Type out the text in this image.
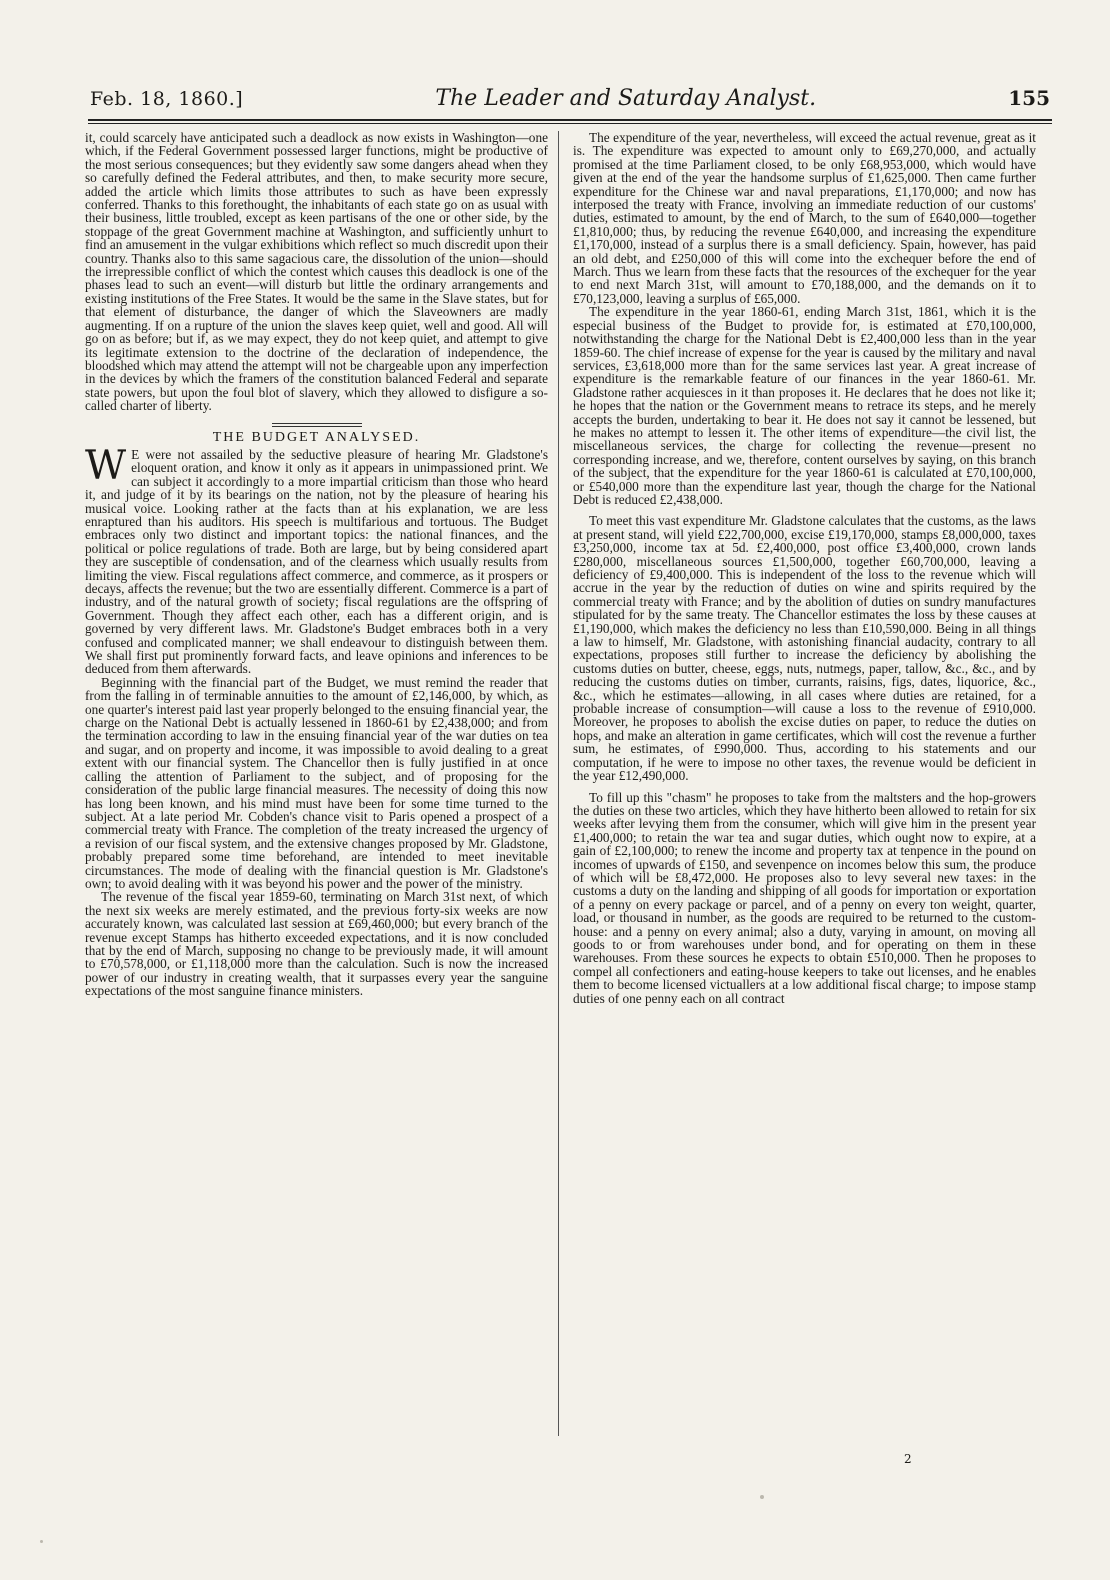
Feb. 18, 1860.]	The Leader and Saturday Analyst.	155

it, could scarcely have anticipated such a deadlock as now exists in Washington—one which, if the Federal Government possessed larger functions, might be productive of the most serious consequences; but they evidently saw some dangers ahead when they so carefully defined the Federal attributes, and then, to make security more secure, added the article which limits those attributes to such as have been expressly conferred. Thanks to this forethought, the inhabitants of each state go on as usual with their business, little troubled, except as keen partisans of the one or other side, by the stoppage of the great Government machine at Washington, and sufficiently unhurt to find an amusement in the vulgar exhibitions which reflect so much discredit upon their country. Thanks also to this same sagacious care, the dissolution of the union—should the irrepressible conflict of which the contest which causes this deadlock is one of the phases lead to such an event—will disturb but little the ordinary arrangements and existing institutions of the Free States. It would be the same in the Slave states, but for that element of disturbance, the danger of which the Slaveowners are madly augmenting. If on a rupture of the union the slaves keep quiet, well and good. All will go on as before; but if, as we may expect, they do not keep quiet, and attempt to give its legitimate extension to the doctrine of the declaration of independence, the bloodshed which may attend the attempt will not be chargeable upon any imperfection in the devices by which the framers of the constitution balanced Federal and separate state powers, but upon the foul blot of slavery, which they allowed to disfigure a so-called charter of liberty.

THE BUDGET ANALYSED.

W E were not assailed by the seductive pleasure of hearing Mr. Gladstone's eloquent oration, and know it only as it appears in unimpassioned print. We can subject it accordingly to a more impartial criticism than those who heard it, and judge of it by its bearings on the nation, not by the pleasure of hearing his musical voice. Looking rather at the facts than at his explanation, we are less enraptured than his auditors. His speech is multifarious and tortuous. The Budget embraces only two distinct and important topics: the national finances, and the political or police regulations of trade. Both are large, but by being considered apart they are susceptible of condensation, and of the clearness which usually results from limiting the view. Fiscal regulations affect commerce, and commerce, as it prospers or decays, affects the revenue; but the two are essentially different. Commerce is a part of industry, and of the natural growth of society; fiscal regulations are the offspring of Government. Though they affect each other, each has a different origin, and is governed by very different laws. Mr. Gladstone's Budget embraces both in a very confused and complicated manner; we shall endeavour to distinguish between them. We shall first put prominently forward facts, and leave opinions and inferences to be deduced from them afterwards.

Beginning with the financial part of the Budget, we must remind the reader that from the falling in of terminable annuities to the amount of £2,146,000, by which, as one quarter's interest paid last year properly belonged to the ensuing financial year, the charge on the National Debt is actually lessened in 1860-61 by £2,438,000; and from the termination according to law in the ensuing financial year of the war duties on tea and sugar, and on property and income, it was impossible to avoid dealing to a great extent with our financial system. The Chancellor then is fully justified in at once calling the attention of Parliament to the subject, and of proposing for the consideration of the public large financial measures. The necessity of doing this now has long been known, and his mind must have been for some time turned to the subject. At a late period Mr. Cobden's chance visit to Paris opened a prospect of a commercial treaty with France. The completion of the treaty increased the urgency of a revision of our fiscal system, and the extensive changes proposed by Mr. Gladstone, probably prepared some time beforehand, are intended to meet inevitable circumstances. The mode of dealing with the financial question is Mr. Gladstone's own; to avoid dealing with it was beyond his power and the power of the ministry.

The revenue of the fiscal year 1859-60, terminating on March 31st next, of which the next six weeks are merely estimated, and the previous forty-six weeks are now accurately known, was calculated last session at £69,460,000; but every branch of the revenue except Stamps has hitherto exceeded expectations, and it is now concluded that by the end of March, supposing no change to be previously made, it will amount to £70,578,000, or £1,118,000 more than the calculation. Such is now the increased power of our industry in creating wealth, that it surpasses every year the sanguine expectations of the most sanguine finance ministers.

The expenditure of the year, nevertheless, will exceed the actual revenue, great as it is. The expenditure was expected to amount only to £69,270,000, and actually promised at the time Parliament closed, to be only £68,953,000, which would have given at the end of the year the handsome surplus of £1,625,000. Then came further expenditure for the Chinese war and naval preparations, £1,170,000; and now has interposed the treaty with France, involving an immediate reduction of our customs' duties, estimated to amount, by the end of March, to the sum of £640,000—together £1,810,000; thus, by reducing the revenue £640,000, and increasing the expenditure £1,170,000, instead of a surplus there is a small deficiency. Spain, however, has paid an old debt, and £250,000 of this will come into the exchequer before the end of March. Thus we learn from these facts that the resources of the exchequer for the year to end next March 31st, will amount to £70,188,000, and the demands on it to £70,123,000, leaving a surplus of £65,000.

The expenditure in the year 1860-61, ending March 31st, 1861, which it is the especial business of the Budget to provide for, is estimated at £70,100,000, notwithstanding the charge for the National Debt is £2,400,000 less than in the year 1859-60. The chief increase of expense for the year is caused by the military and naval services, £3,618,000 more than for the same services last year. A great increase of expenditure is the remarkable feature of our finances in the year 1860-61. Mr. Gladstone rather acquiesces in it than proposes it. He declares that he does not like it; he hopes that the nation or the Government means to retrace its steps, and he merely accepts the burden, undertaking to bear it. He does not say it cannot be lessened, but he makes no attempt to lessen it. The other items of expenditure—the civil list, the miscellaneous services, the charge for collecting the revenue—present no corresponding increase, and we, therefore, content ourselves by saying, on this branch of the subject, that the expenditure for the year 1860-61 is calculated at £70,100,000, or £540,000 more than the expenditure last year, though the charge for the National Debt is reduced £2,438,000.

To meet this vast expenditure Mr. Gladstone calculates that the customs, as the laws at present stand, will yield £22,700,000, excise £19,170,000, stamps £8,000,000, taxes £3,250,000, income tax at 5d. £2,400,000, post office £3,400,000, crown lands £280,000, miscellaneous sources £1,500,000, together £60,700,000, leaving a deficiency of £9,400,000. This is independent of the loss to the revenue which will accrue in the year by the reduction of duties on wine and spirits required by the commercial treaty with France; and by the abolition of duties on sundry manufactures stipulated for by the same treaty. The Chancellor estimates the loss by these causes at £1,190,000, which makes the deficiency no less than £10,590,000. Being in all things a law to himself, Mr. Gladstone, with astonishing financial audacity, contrary to all expectations, proposes still further to increase the deficiency by abolishing the customs duties on butter, cheese, eggs, nuts, nutmegs, paper, tallow, &c., &c., and by reducing the customs duties on timber, currants, raisins, figs, dates, liquorice, &c., &c., which he estimates—allowing, in all cases where duties are retained, for a probable increase of consumption—will cause a loss to the revenue of £910,000. Moreover, he proposes to abolish the excise duties on paper, to reduce the duties on hops, and make an alteration in game certificates, which will cost the revenue a further sum, he estimates, of £990,000. Thus, according to his statements and our computation, if he were to impose no other taxes, the revenue would be deficient in the year £12,490,000.

To fill up this "chasm" he proposes to take from the maltsters and the hop-growers the duties on these two articles, which they have hitherto been allowed to retain for six weeks after levying them from the consumer, which will give him in the present year £1,400,000; to retain the war tea and sugar duties, which ought now to expire, at a gain of £2,100,000; to renew the income and property tax at tenpence in the pound on incomes of upwards of £150, and sevenpence on incomes below this sum, the produce of which will be £8,472,000. He proposes also to levy several new taxes: in the customs a duty on the landing and shipping of all goods for importation or exportation of a penny on every package or parcel, and of a penny on every ton weight, quarter, load, or thousand in number, as the goods are required to be returned to the custom-house: and a penny on every animal; also a duty, varying in amount, on moving all goods to or from warehouses under bond, and for operating on them in these warehouses. From these sources he expects to obtain £510,000. Then he proposes to compel all confectioners and eating-house keepers to take out licenses, and he enables them to become licensed victuallers at a low additional fiscal charge; to impose stamp duties of one penny each on all contract

2
